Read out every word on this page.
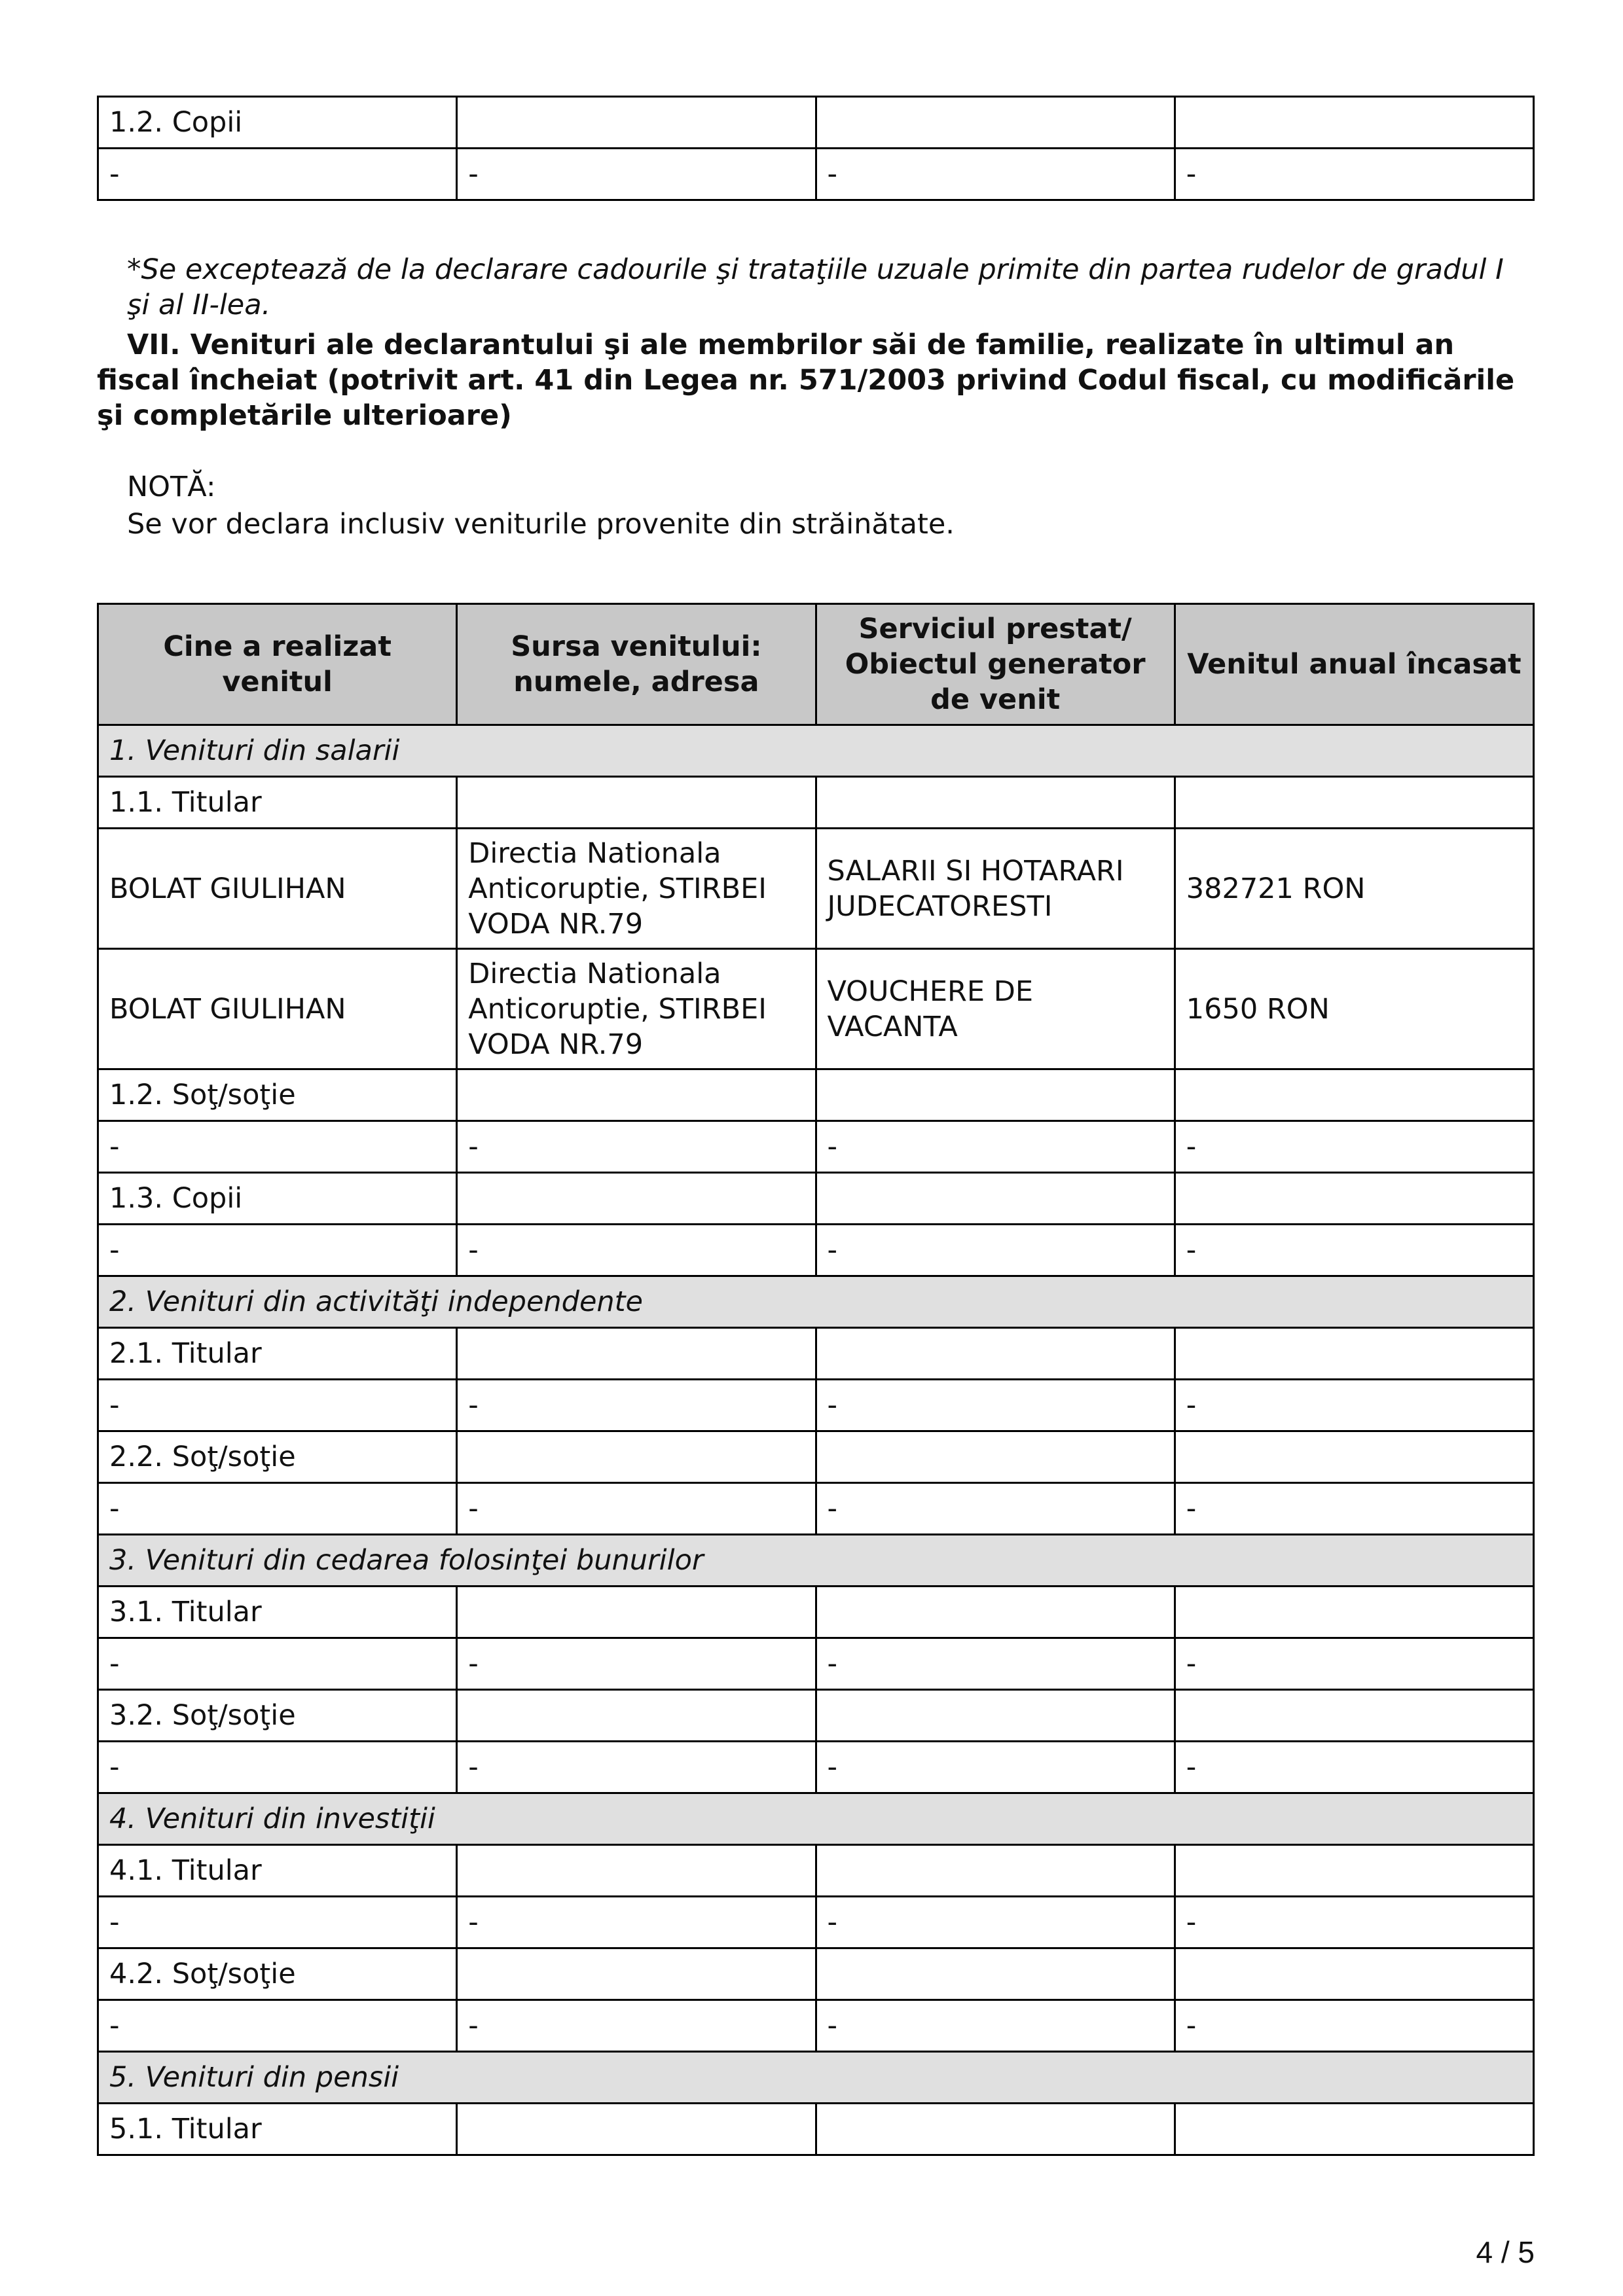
1.2. Copii			
-	-	-	-
*Se exceptează de la declarare cadourile şi trataţiile uzuale primite din partea rudelor de gradul I şi al II-lea.
VII. Venituri ale declarantului şi ale membrilor săi de familie, realizate în ultimul an fiscal încheiat (potrivit art. 41 din Legea nr. 571/2003 privind Codul fiscal, cu modificările şi completările ulterioare)
NOTĂ:
Se vor declara inclusiv veniturile provenite din străinătate.
Cine a realizat venitul	Sursa venitului: numele, adresa	Serviciul prestat/ Obiectul generator de venit	Venitul anual încasat
1. Venituri din salarii			
1.1. Titular			
BOLAT GIULIHAN	Directia Nationala Anticoruptie, STIRBEI VODA NR.79	SALARII SI HOTARARI JUDECATORESTI	382721 RON
BOLAT GIULIHAN	Directia Nationala Anticoruptie, STIRBEI VODA NR.79	VOUCHERE DE VACANTA	1650 RON
1.2. Soţ/soţie			
-	-	-	-
1.3. Copii			
-	-	-	-
2. Venituri din activităţi independente			
2.1. Titular			
-	-	-	-
2.2. Soţ/soţie			
-	-	-	-
3. Venituri din cedarea folosinţei bunurilor			
3.1. Titular			
-	-	-	-
3.2. Soţ/soţie			
-	-	-	-
4. Venituri din investiţii			
4.1. Titular			
-	-	-	-
4.2. Soţ/soţie			
-	-	-	-
5. Venituri din pensii			
5.1. Titular			
4 / 5
